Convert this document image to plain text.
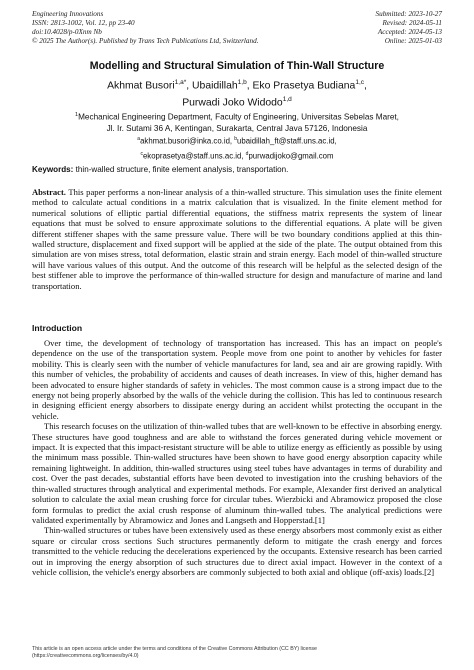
Engineering Innovations
ISSN: 2813-1002, Vol. 12, pp 23-40
doi:10.4028/p-0Xnm Nb
© 2025 The Author(s). Published by Trans Tech Publications Ltd, Switzerland.
Submitted: 2023-10-27
Revised: 2024-05-11
Accepted: 2024-05-13
Online: 2025-01-03
Modelling and Structural Simulation of Thin-Wall Structure
Akhmat Busori$^{1,a*}$, Ubaidillah$^{1,b}$, Eko Prasetya Budiana$^{1,c}$,
Purwadi Joko Widodo$^{1,d}$
$^1$Mechanical Engineering Department, Faculty of Engineering, Universitas Sebelas Maret,
Jl. Ir. Sutami 36 A, Kentingan, Surakarta, Central Java 57126, Indonesia
$^a$akhmat.busori@inka.co.id, $^b$ubaidillah_ft@staff.uns.ac.id,
$^c$ekoprasetya@staff.uns.ac.id, $^d$purwadijoko@gmail.com
Keywords: thin-walled structure, finite element analysis, transportation.
Abstract. This paper performs a non-linear analysis of a thin-walled structure. This simulation uses the finite element method to calculate actual conditions in a matrix calculation that is visualized. In the finite element method for numerical solutions of elliptic partial differential equations, the stiffness matrix represents the system of linear equations that must be solved to ensure approximate solutions to the differential equations. A plate will be given different stiffener shapes with the same pressure value. There will be two boundary conditions applied at this thin-walled structure, displacement and fixed support will be applied at the side of the plate. The output obtained from this simulation are von mises stress, total deformation, elastic strain and strain energy. Each model of thin-walled structure will have various values of this output. And the outcome of this research will be helpful as the selected design of the best stiffener able to improve the performance of thin-walled structure for design and manufacture of marine and land transportation.
Introduction

Over time, the development of technology of transportation has increased. This has an impact on people's dependence on the use of the transportation system. People move from one point to another by vehicles for faster mobility. This is clearly seen with the number of vehicle manufactures for land, sea and air are growing rapidly. With this number of vehicles, the probability of accidents and causes of death increases. In view of this, higher demand has been advocated to ensure higher standards of safety in vehicles. The most common cause is a strong impact due to the energy not being properly absorbed by the walls of the vehicle during the collision. This has led to continuous research in designing efficient energy absorbers to dissipate energy during an accident whilst protecting the occupant in the vehicle.

This research focuses on the utilization of thin-walled tubes that are well-known to be effective in absorbing energy. These structures have good toughness and are able to withstand the forces generated during vehicle movement or impact. It is expected that this impact-resistant structure will be able to utilize energy as efficiently as possible by using the minimum mass possible. Thin-walled structures have been shown to have good energy absorption capacity while remaining lightweight. In addition, thin-walled structures using steel tubes have advantages in terms of durability and cost. Over the past decades, substantial efforts have been devoted to investigation into the crushing behaviors of the thin-walled structures through analytical and experimental methods. For example, Alexander first derived an analytical solution to calculate the axial mean crushing force for circular tubes. Wierzbicki and Abramowicz proposed the close form formulas to predict the axial crush response of aluminum thin-walled tubes. The analytical predictions were validated experimentally by Abramowicz and Jones and Langseth and Hopperstad.[1]

Thin-walled structures or tubes have been extensively used as these energy absorbers most commonly exist as either square or circular cross sections Such structures permanently deform to mitigate the crash energy and forces transmitted to the vehicle reducing the decelerations experienced by the occupants. Extensive research has been carried out in improving the energy absorption of such structures due to direct axial impact. However in the context of a vehicle collision, the vehicle's energy absorbers are commonly subjected to both axial and oblique (off-axis) loads.[2]

This article is an open access article under the terms and conditions of the Creative Commons Attribution (CC BY) license
(https://creativecommons.org/licenses/by/4.0)
